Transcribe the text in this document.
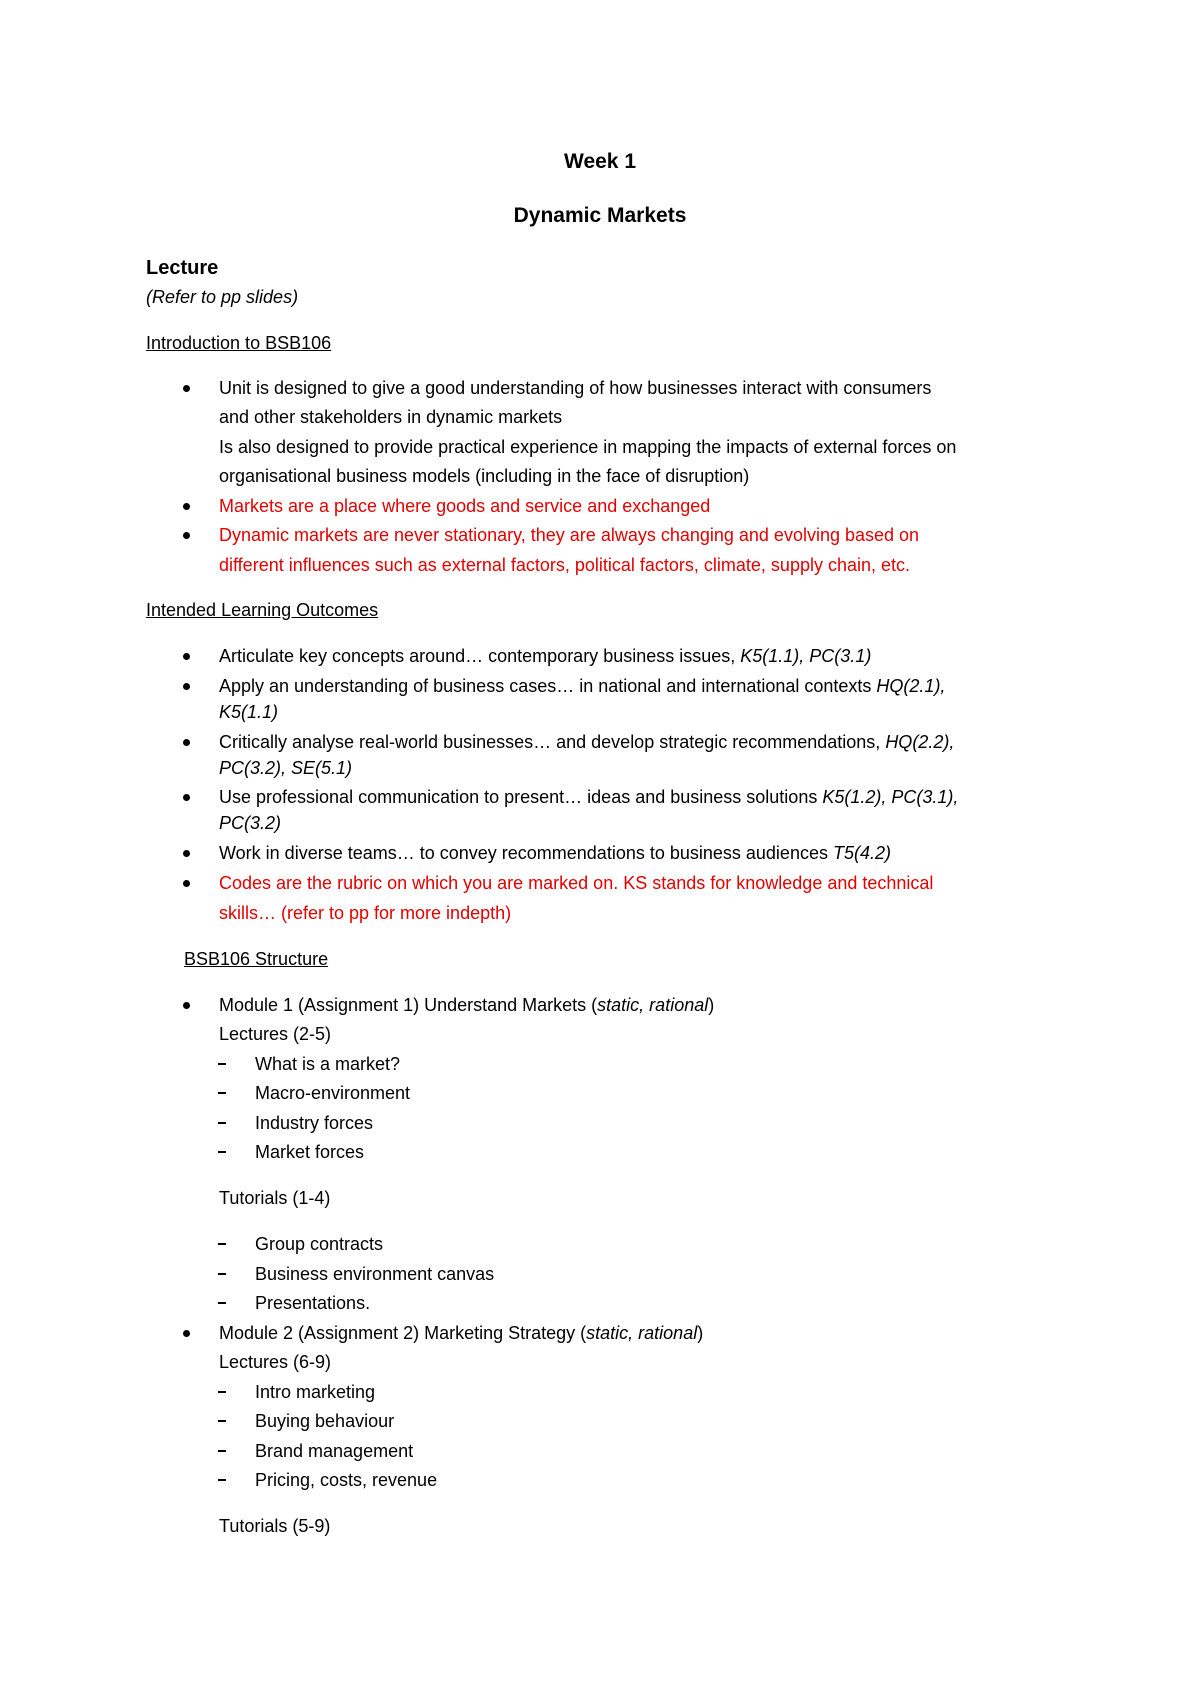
Week 1
Dynamic Markets
Lecture
(Refer to pp slides)
Introduction to BSB106
Unit is designed to give a good understanding of how businesses interact with consumers
and other stakeholders in dynamic markets
Is also designed to provide practical experience in mapping the impacts of external forces on
organisational business models (including in the face of disruption)
Markets are a place where goods and service and exchanged
Dynamic markets are never stationary, they are always changing and evolving based on
different influences such as external factors, political factors, climate, supply chain, etc.
Intended Learning Outcomes
Articulate key concepts around… contemporary business issues, K5(1.1), PC(3.1)
Apply an understanding of business cases… in national and international contexts HQ(2.1),
K5(1.1)
Critically analyse real-world businesses… and develop strategic recommendations, HQ(2.2),
PC(3.2), SE(5.1)
Use professional communication to present… ideas and business solutions K5(1.2), PC(3.1),
PC(3.2)
Work in diverse teams… to convey recommendations to business audiences T5(4.2)
Codes are the rubric on which you are marked on. KS stands for knowledge and technical
skills… (refer to pp for more indepth)
BSB106 Structure
Module 1 (Assignment 1) Understand Markets (static, rational)
Lectures (2-5)
What is a market?
Macro-environment
Industry forces
Market forces
Tutorials (1-4)
Group contracts
Business environment canvas
Presentations.
Module 2 (Assignment 2) Marketing Strategy (static, rational)
Lectures (6-9)
Intro marketing
Buying behaviour
Brand management
Pricing, costs, revenue
Tutorials (5-9)
